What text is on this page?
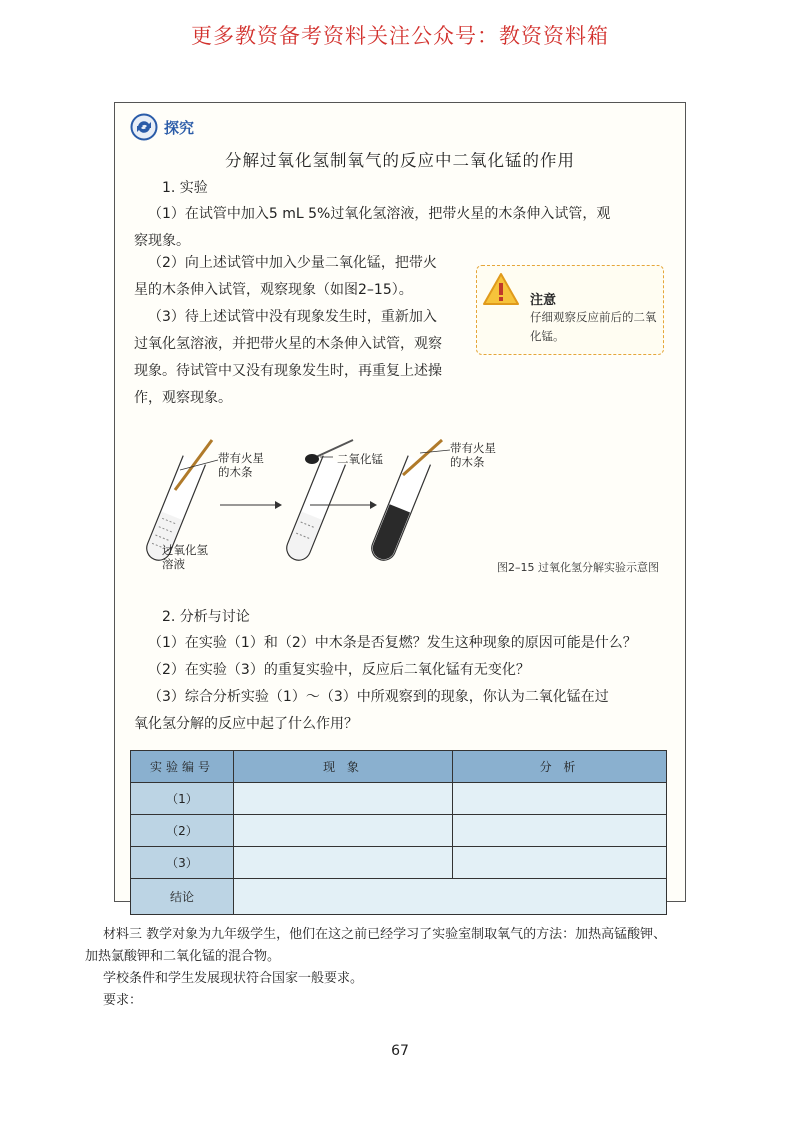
更多教资备考资料关注公众号：教资资料箱
探究
分解过氧化氢制氧气的反应中二氧化锰的作用
1. 实验
（1）在试管中加入5 mL 5%过氧化氢溶液，把带火星的木条伸入试管，观
察现象。
（2）向上述试管中加入少量二氧化锰，把带火
星的木条伸入试管，观察现象（如图2–15）。
（3）待上述试管中没有现象发生时，重新加入
过氧化氢溶液，并把带火星的木条伸入试管，观察
现象。待试管中又没有现象发生时，再重复上述操
作，观察现象。
注意
仔细观察反应前后的二氧化锰。
带有火星的木条
过氧化氢溶液
二氧化锰
带有火星的木条
图2–15 过氧化氢分解实验示意图
2. 分析与讨论
（1）在实验（1）和（2）中木条是否复燃？发生这种现象的原因可能是什么？
（2）在实验（3）的重复实验中，反应后二氧化锰有无变化？
（3）综合分析实验（1）～（3）中所观察到的现象，你认为二氧化锰在过
氧化氢分解的反应中起了什么作用？
实验编号	现 象	分 析
（1）		
（2）		
（3）		
结论		
材料三 教学对象为九年级学生，他们在这之前已经学习了实验室制取氧气的方法：加热高锰酸钾、
加热氯酸钾和二氧化锰的混合物。
学校条件和学生发展现状符合国家一般要求。
要求：
67
